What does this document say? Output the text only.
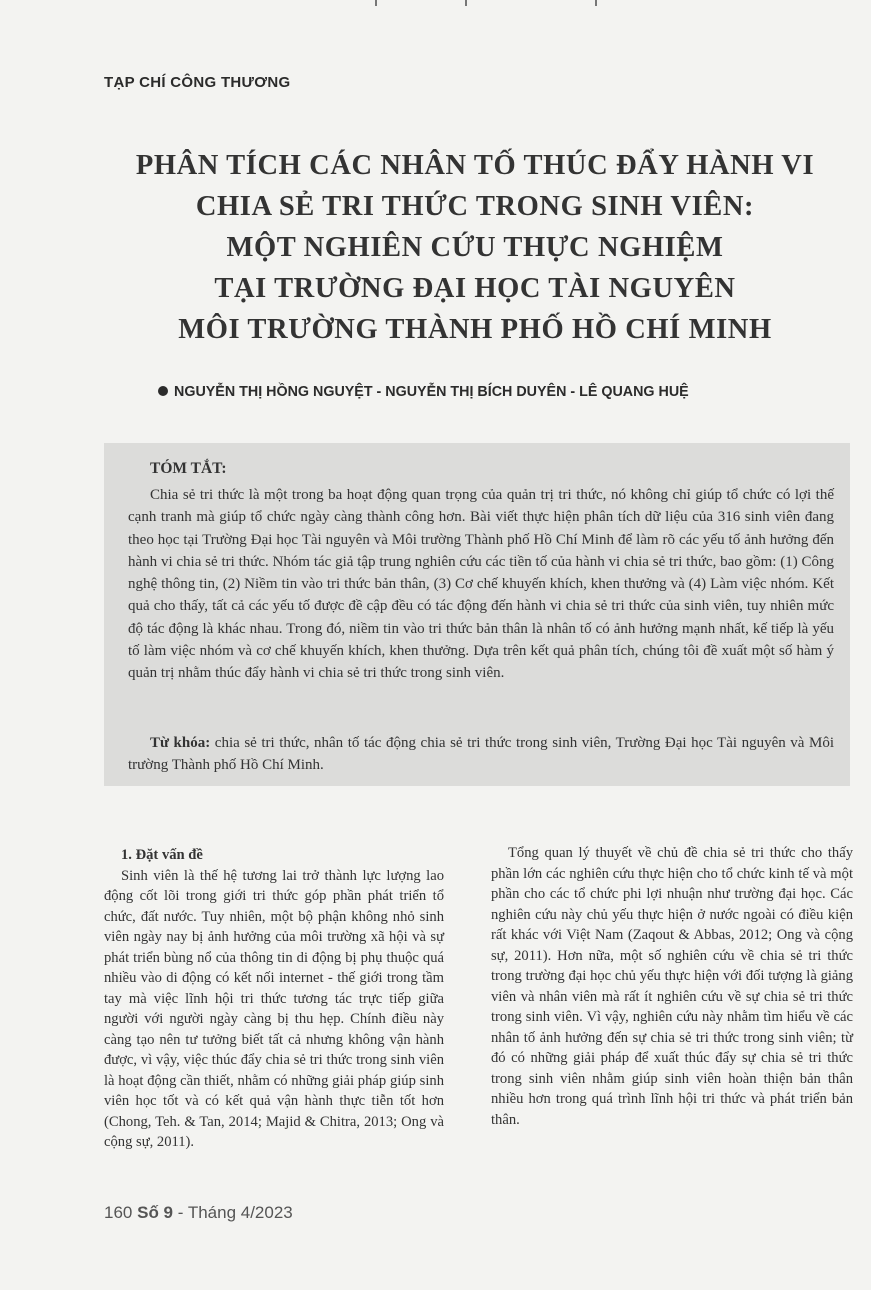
TẠP CHÍ CÔNG THƯƠNG
PHÂN TÍCH CÁC NHÂN TỐ THÚC ĐẨY HÀNH VI
CHIA SẺ TRI THỨC TRONG SINH VIÊN:
MỘT NGHIÊN CỨU THỰC NGHIỆM
TẠI TRƯỜNG ĐẠI HỌC TÀI NGUYÊN
MÔI TRƯỜNG THÀNH PHỐ HỒ CHÍ MINH
NGUYỄN THỊ HỒNG NGUYỆT - NGUYỄN THỊ BÍCH DUYÊN - LÊ QUANG HUỆ
TÓM TẮT:

Chia sẻ tri thức là một trong ba hoạt động quan trọng của quản trị tri thức, nó không chỉ giúp tổ chức có lợi thế cạnh tranh mà giúp tổ chức ngày càng thành công hơn. Bài viết thực hiện phân tích dữ liệu của 316 sinh viên đang theo học tại Trường Đại học Tài nguyên và Môi trường Thành phố Hồ Chí Minh để làm rõ các yếu tố ảnh hưởng đến hành vi chia sẻ tri thức. Nhóm tác giả tập trung nghiên cứu các tiền tố của hành vi chia sẻ tri thức, bao gồm: (1) Công nghệ thông tin, (2) Niềm tin vào tri thức bản thân, (3) Cơ chế khuyến khích, khen thưởng và (4) Làm việc nhóm. Kết quả cho thấy, tất cả các yếu tố được đề cập đều có tác động đến hành vi chia sẻ tri thức của sinh viên, tuy nhiên mức độ tác động là khác nhau. Trong đó, niềm tin vào tri thức bản thân là nhân tố có ảnh hưởng mạnh nhất, kế tiếp là yếu tố làm việc nhóm và cơ chế khuyến khích, khen thưởng. Dựa trên kết quả phân tích, chúng tôi đề xuất một số hàm ý quản trị nhằm thúc đẩy hành vi chia sẻ tri thức trong sinh viên.

Từ khóa: chia sẻ tri thức, nhân tố tác động chia sẻ tri thức trong sinh viên, Trường Đại học Tài nguyên và Môi trường Thành phố Hồ Chí Minh.

1. Đặt vấn đề

Sinh viên là thế hệ tương lai trở thành lực lượng lao động cốt lõi trong giới tri thức góp phần phát triển tổ chức, đất nước. Tuy nhiên, một bộ phận không nhỏ sinh viên ngày nay bị ảnh hưởng của môi trường xã hội và sự phát triển bùng nổ của thông tin di động bị phụ thuộc quá nhiều vào di động có kết nối internet - thế giới trong tầm tay mà việc lĩnh hội tri thức tương tác trực tiếp giữa người với người ngày càng bị thu hẹp. Chính điều này càng tạo nên tư tưởng biết tất cả nhưng không vận hành được, vì vậy, việc thúc đẩy chia sẻ tri thức trong sinh viên là hoạt động cần thiết, nhằm có những giải pháp giúp sinh viên học tốt và có kết quả vận hành thực tiễn tốt hơn (Chong, Teh. & Tan, 2014; Majid & Chitra, 2013; Ong và cộng sự, 2011).

Tổng quan lý thuyết về chủ đề chia sẻ tri thức cho thấy phần lớn các nghiên cứu thực hiện cho tổ chức kinh tế và một phần cho các tổ chức phi lợi nhuận như trường đại học. Các nghiên cứu này chủ yếu thực hiện ở nước ngoài có điều kiện rất khác với Việt Nam (Zaqout & Abbas, 2012; Ong và cộng sự, 2011). Hơn nữa, một số nghiên cứu về chia sẻ tri thức trong trường đại học chủ yếu thực hiện với đối tượng là giảng viên và nhân viên mà rất ít nghiên cứu về sự chia sẻ tri thức trong sinh viên. Vì vậy, nghiên cứu này nhằm tìm hiểu về các nhân tố ảnh hưởng đến sự chia sẻ tri thức trong sinh viên; từ đó có những giải pháp để xuất thúc đẩy sự chia sẻ tri thức trong sinh viên nhằm giúp sinh viên hoàn thiện bản thân nhiều hơn trong quá trình lĩnh hội tri thức và phát triển bản thân.

160 Số 9 - Tháng 4/2023
